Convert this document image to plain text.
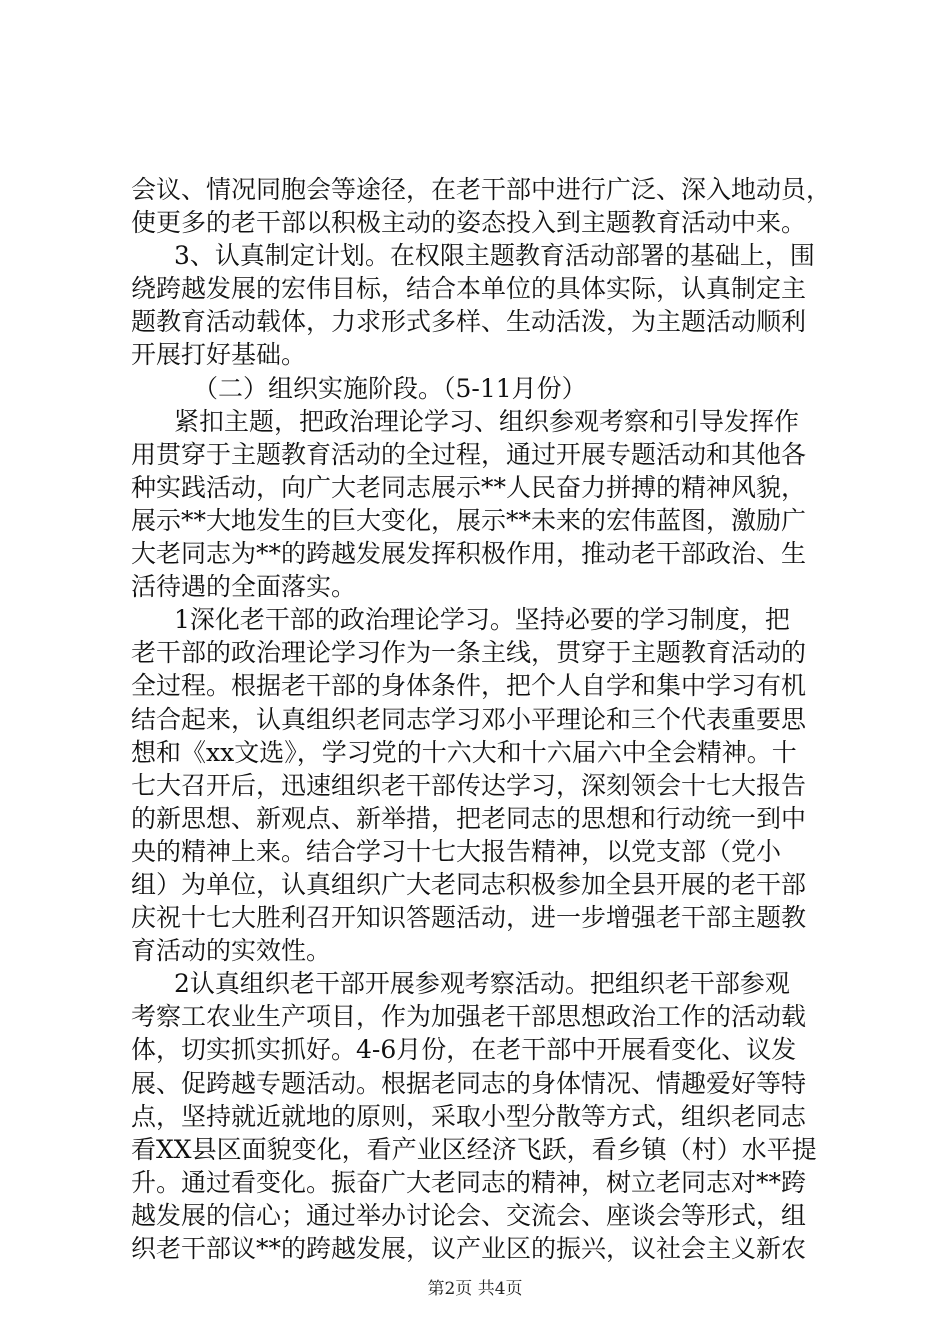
会议、情况同胞会等途径，在老干部中进行广泛、深入地动员，
使更多的老干部以积极主动的姿态投入到主题教育活动中来。
3、认真制定计划。在权限主题教育活动部署的基础上，围
绕跨越发展的宏伟目标，结合本单位的具体实际，认真制定主
题教育活动载体，力求形式多样、生动活泼，为主题活动顺利
开展打好基础。
（二）组织实施阶段。（5-11月份）
紧扣主题，把政治理论学习、组织参观考察和引导发挥作
用贯穿于主题教育活动的全过程，通过开展专题活动和其他各
种实践活动，向广大老同志展示**人民奋力拼搏的精神风貌，
展示**大地发生的巨大变化，展示**未来的宏伟蓝图，激励广
大老同志为**的跨越发展发挥积极作用，推动老干部政治、生
活待遇的全面落实。
1深化老干部的政治理论学习。坚持必要的学习制度，把
老干部的政治理论学习作为一条主线，贯穿于主题教育活动的
全过程。根据老干部的身体条件，把个人自学和集中学习有机
结合起来，认真组织老同志学习邓小平理论和三个代表重要思
想和《xx文选》，学习党的十六大和十六届六中全会精神。十
七大召开后，迅速组织老干部传达学习，深刻领会十七大报告
的新思想、新观点、新举措，把老同志的思想和行动统一到中
央的精神上来。结合学习十七大报告精神，以党支部（党小
组）为单位，认真组织广大老同志积极参加全县开展的老干部
庆祝十七大胜利召开知识答题活动，进一步增强老干部主题教
育活动的实效性。
2认真组织老干部开展参观考察活动。把组织老干部参观
考察工农业生产项目，作为加强老干部思想政治工作的活动载
体，切实抓实抓好。4-6月份，在老干部中开展看变化、议发
展、促跨越专题活动。根据老同志的身体情况、情趣爱好等特
点，坚持就近就地的原则，采取小型分散等方式，组织老同志
看XX县区面貌变化，看产业区经济飞跃，看乡镇（村）水平提
升。通过看变化。振奋广大老同志的精神，树立老同志对**跨
越发展的信心；通过举办讨论会、交流会、座谈会等形式，组
织老干部议**的跨越发展，议产业区的振兴，议社会主义新农
第2页 共4页
